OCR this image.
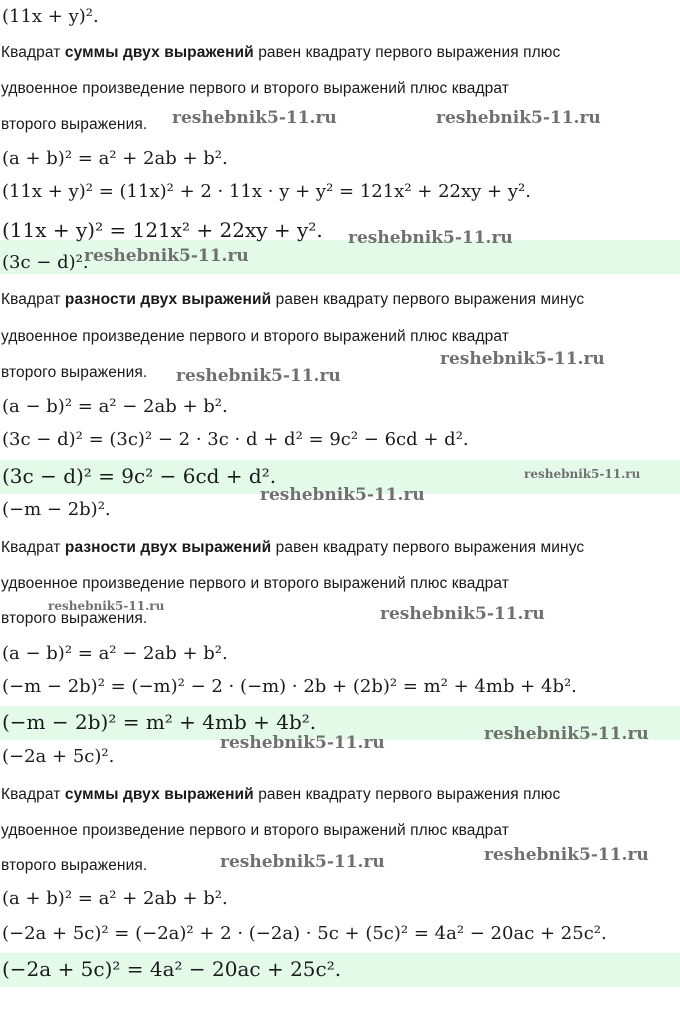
(11x + y)².
Квадрат суммы двух выражений равен квадрату первого выражения плюс
удвоенное произведение первого и второго выражений плюс квадрат
второго выражения.
(a + b)² = a² + 2ab + b².
(11x + y)² = (11x)² + 2 · 11x · y + y² = 121x² + 22xy + y².
(11x + y)² = 121x² + 22xy + y².
(3c − d)².
Квадрат разности двух выражений равен квадрату первого выражения минус
удвоенное произведение первого и второго выражений плюс квадрат
второго выражения.
(a − b)² = a² − 2ab + b².
(3c − d)² = (3c)² − 2 · 3c · d + d² = 9c² − 6cd + d².
(3c − d)² = 9c² − 6cd + d².
(−m − 2b)².
Квадрат разности двух выражений равен квадрату первого выражения минус
удвоенное произведение первого и второго выражений плюс квадрат
второго выражения.
(a − b)² = a² − 2ab + b².
(−m − 2b)² = (−m)² − 2 · (−m) · 2b + (2b)² = m² + 4mb + 4b².
(−m − 2b)² = m² + 4mb + 4b².
(−2a + 5c)².
Квадрат суммы двух выражений равен квадрату первого выражения плюс
удвоенное произведение первого и второго выражений плюс квадрат
второго выражения.
(a + b)² = a² + 2ab + b².
(−2a + 5c)² = (−2a)² + 2 · (−2a) · 5c + (5c)² = 4a² − 20ac + 25c².
(−2a + 5c)² = 4a² − 20ac + 25c².
reshebnik5-11.ru	reshebnik5-11.ru
reshebnik5-11.ru
reshebnik5-11.ru
reshebnik5-11.ru
reshebnik5-11.ru
reshebnik5-11.ru
reshebnik5-11.ru
reshebnik5-11.ru	reshebnik5-11.ru
reshebnik5-11.ru
reshebnik5-11.ru
reshebnik5-11.ru
reshebnik5-11.ru
